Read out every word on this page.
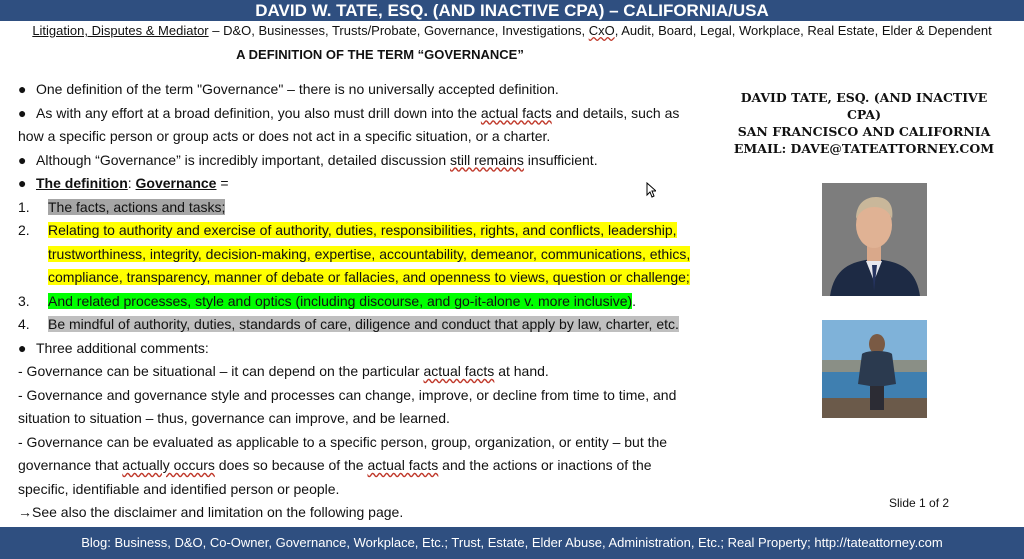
DAVID W. TATE, ESQ. (AND INACTIVE CPA) – CALIFORNIA/USA
Litigation, Disputes & Mediator – D&O, Businesses, Trusts/Probate, Governance, Investigations, CxO, Audit, Board, Legal, Workplace, Real Estate, Elder & Dependent
A DEFINITION OF THE TERM “GOVERNANCE”
● One definition of the term "Governance" – there is no universally accepted definition.
● As with any effort at a broad definition, you also must drill down into the actual facts and details, such as
how a specific person or group acts or does not act in a specific situation, or a charter.
● Although “Governance” is incredibly important, detailed discussion still remains insufficient.
● The definition: Governance =
1. The facts, actions and tasks;
2. Relating to authority and exercise of authority, duties, responsibilities, rights, and conflicts, leadership,
trustworthiness, integrity, decision-making, expertise, accountability, demeanor, communications, ethics,
compliance, transparency, manner of debate or fallacies, and openness to views, question or challenge;
3. And related processes, style and optics (including discourse, and go-it-alone v. more inclusive).
4. Be mindful of authority, duties, standards of care, diligence and conduct that apply by law, charter, etc.
● Three additional comments:
- Governance can be situational – it can depend on the particular actual facts at hand.
- Governance and governance style and processes can change, improve, or decline from time to time, and
situation to situation – thus, governance can improve, and be learned.
- Governance can be evaluated as applicable to a specific person, group, organization, or entity – but the
governance that actually occurs does so because of the actual facts and the actions or inactions of the
specific, identifiable and identified person or people.
→See also the disclaimer and limitation on the following page.
DAVID TATE, ESQ. (AND INACTIVE CPA)
SAN FRANCISCO AND CALIFORNIA
EMAIL: DAVE@TATEATTORNEY.COM
Slide 1 of 2
Blog: Business, D&O, Co-Owner, Governance, Workplace, Etc.; Trust, Estate, Elder Abuse, Administration, Etc.; Real Property; http://tateattorney.com
